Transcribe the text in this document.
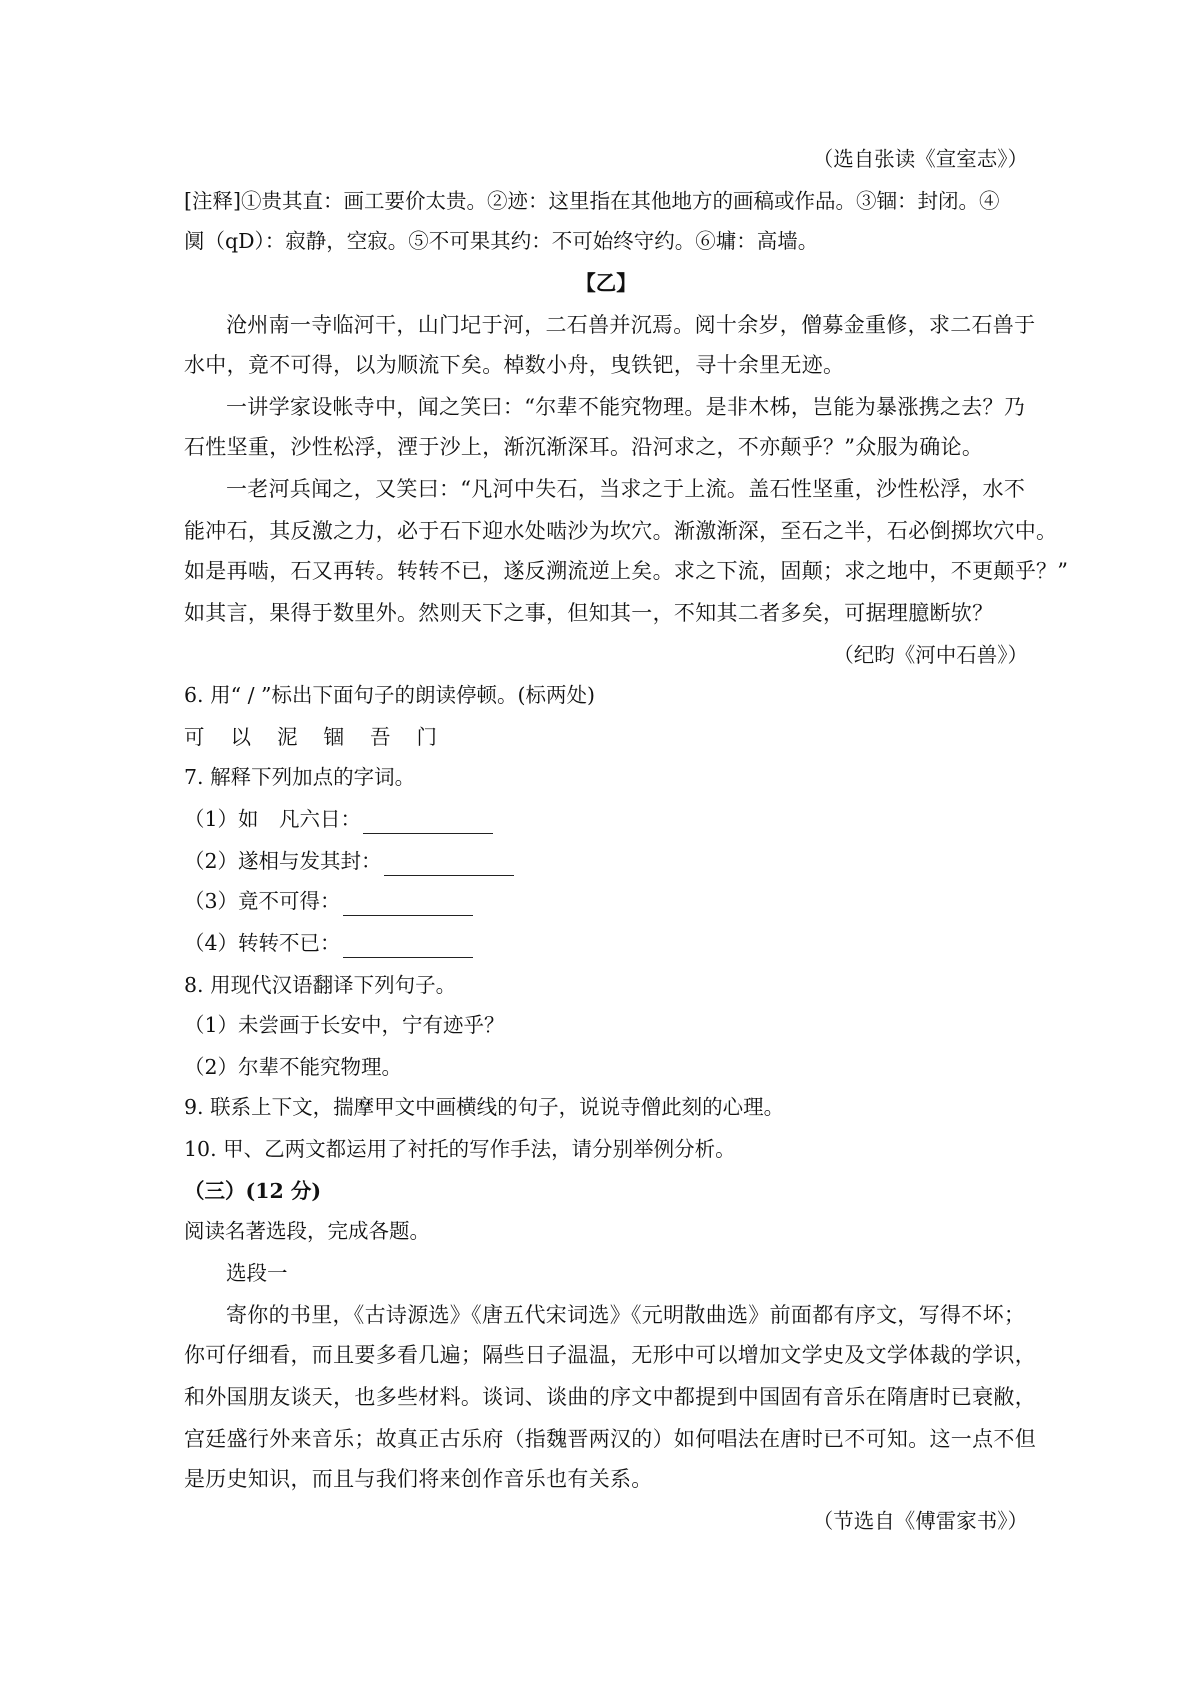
（选自张读《宣室志》）

[注释]①贵其直：画工要价太贵。②迹：这里指在其他地方的画稿或作品。③锢：封闭。④

阒（qD）：寂静，空寂。⑤不可果其约：不可始终守约。⑥墉：高墙。

【乙】

沧州南一寺临河干，山门圮于河，二石兽并沉焉。阅十余岁，僧募金重修，求二石兽于

水中，竟不可得，以为顺流下矣。棹数小舟，曳铁钯，寻十余里无迹。

一讲学家设帐寺中，闻之笑曰：“尔辈不能究物理。是非木柹，岂能为暴涨携之去？乃

石性坚重，沙性松浮，湮于沙上，渐沉渐深耳。沿河求之，不亦颠乎？”众服为确论。

一老河兵闻之，又笑曰：“凡河中失石，当求之于上流。盖石性坚重，沙性松浮，水不

能冲石，其反激之力，必于石下迎水处啮沙为坎穴。渐激渐深，至石之半，石必倒掷坎穴中。

如是再啮，石又再转。转转不已，遂反溯流逆上矣。求之下流，固颠；求之地中，不更颠乎？”

如其言，果得于数里外。然则天下之事，但知其一，不知其二者多矣，可据理臆断欤？

（纪昀《河中石兽》）

6. 用“ / ”标出下面句子的朗读停顿。(标两处)

可以泥锢吾门

7. 解释下列加点的字词。

（1）如　凡六日：

（2）遂相与发其封：

（3）竟不可得：

（4）转转不已：

8. 用现代汉语翻译下列句子。

（1）未尝画于长安中，宁有迹乎？

（2）尔辈不能究物理。

9. 联系上下文，揣摩甲文中画横线的句子，说说寺僧此刻的心理。

10. 甲、乙两文都运用了衬托的写作手法，请分别举例分析。

（三）(12 分)

阅读名著选段，完成各题。

选段一

寄你的书里，《古诗源选》《唐五代宋词选》《元明散曲选》前面都有序文，写得不坏；

你可仔细看，而且要多看几遍；隔些日子温温，无形中可以增加文学史及文学体裁的学识，

和外国朋友谈天，也多些材料。谈词、谈曲的序文中都提到中国固有音乐在隋唐时已衰敝，

宫廷盛行外来音乐；故真正古乐府（指魏晋两汉的）如何唱法在唐时已不可知。这一点不但

是历史知识，而且与我们将来创作音乐也有关系。

（节选自《傅雷家书》）
